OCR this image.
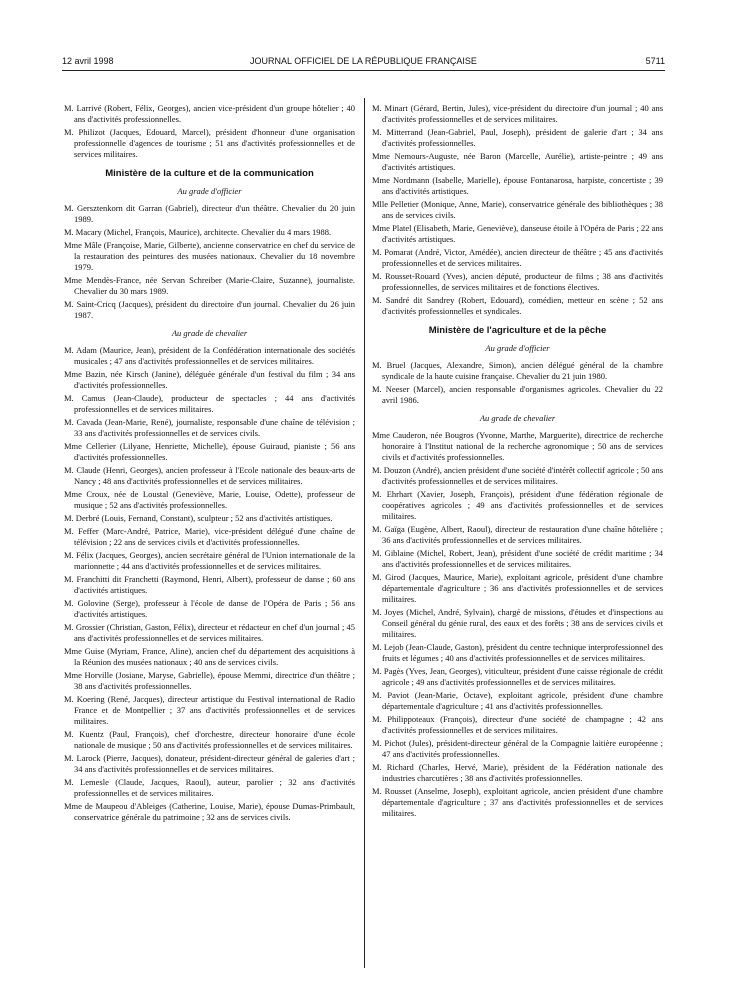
12 avril 1998	JOURNAL OFFICIEL DE LA RÉPUBLIQUE FRANÇAISE	5711
M. Larrivé (Robert, Félix, Georges), ancien vice-président d'un groupe hôtelier ; 40 ans d'activités professionnelles.
M. Philizot (Jacques, Edouard, Marcel), président d'honneur d'une organisation professionnelle d'agences de tourisme ; 51 ans d'activités professionnelles et de services militaires.
Ministère de la culture et de la communication
Au grade d'officier
M. Gersztenkorn dit Garran (Gabriel), directeur d'un théâtre. Chevalier du 20 juin 1989.
M. Macary (Michel, François, Maurice), architecte. Chevalier du 4 mars 1988.
Mme Mâle (Françoise, Marie, Gilberte), ancienne conservatrice en chef du service de la restauration des peintures des musées nationaux. Chevalier du 18 novembre 1979.
Mme Mendès-France, née Servan Schreiber (Marie-Claire, Suzanne), journaliste. Chevalier du 30 mars 1989.
M. Saint-Cricq (Jacques), président du directoire d'un journal. Chevalier du 26 juin 1987.
Au grade de chevalier
M. Adam (Maurice, Jean), président de la Confédération internationale des sociétés musicales ; 47 ans d'activités professionnelles et de services militaires.
Mme Bazin, née Kirsch (Janine), déléguée générale d'un festival du film ; 34 ans d'activités professionnelles.
M. Camus (Jean-Claude), producteur de spectacles ; 44 ans d'activités professionnelles et de services militaires.
M. Cavada (Jean-Marie, René), journaliste, responsable d'une chaîne de télévision ; 33 ans d'activités professionnelles et de services civils.
Mme Cellerier (Lilyane, Henriette, Michelle), épouse Guiraud, pianiste ; 56 ans d'activités professionnelles.
M. Claude (Henri, Georges), ancien professeur à l'Ecole nationale des beaux-arts de Nancy ; 48 ans d'activités professionnelles et de services militaires.
Mme Croux, née de Loustal (Geneviève, Marie, Louise, Odette), professeur de musique ; 52 ans d'activités professionnelles.
M. Derbré (Louis, Fernand, Constant), sculpteur ; 52 ans d'activités artistiques.
M. Feffer (Marc-André, Patrice, Marie), vice-président délégué d'une chaîne de télévision ; 22 ans de services civils et d'activités professionnelles.
M. Félix (Jacques, Georges), ancien secrétaire général de l'Union internationale de la marionnette ; 44 ans d'activités professionnelles et de services militaires.
M. Franchitti dit Franchetti (Raymond, Henri, Albert), professeur de danse ; 60 ans d'activités artistiques.
M. Golovine (Serge), professeur à l'école de danse de l'Opéra de Paris ; 56 ans d'activités artistiques.
M. Grossier (Christian, Gaston, Félix), directeur et rédacteur en chef d'un journal ; 45 ans d'activités professionnelles et de services militaires.
Mme Guise (Myriam, France, Aline), ancien chef du département des acquisitions à la Réunion des musées nationaux ; 40 ans de services civils.
Mme Horville (Josiane, Maryse, Gabrielle), épouse Memmi, directrice d'un théâtre ; 38 ans d'activités professionnelles.
M. Koering (René, Jacques), directeur artistique du Festival international de Radio France et de Montpellier ; 37 ans d'activités professionnelles et de services militaires.
M. Kuentz (Paul, François), chef d'orchestre, directeur honoraire d'une école nationale de musique ; 50 ans d'activités professionnelles et de services militaires.
M. Larock (Pierre, Jacques), donateur, président-directeur général de galeries d'art ; 34 ans d'activités professionnelles et de services militaires.
M. Lemesle (Claude, Jacques, Raoul), auteur, parolier ; 32 ans d'activités professionnelles et de services militaires.
Mme de Maupeou d'Ableiges (Catherine, Louise, Marie), épouse Dumas-Primbault, conservatrice générale du patrimoine ; 32 ans de services civils.
M. Minart (Gérard, Bertin, Jules), vice-président du directoire d'un journal ; 40 ans d'activités professionnelles et de services militaires.
M. Mitterrand (Jean-Gabriel, Paul, Joseph), président de galerie d'art ; 34 ans d'activités professionnelles.
Mme Nemours-Auguste, née Baron (Marcelle, Aurélie), artiste-peintre ; 49 ans d'activités artistiques.
Mme Nordmann (Isabelle, Marielle), épouse Fontanarosa, harpiste, concertiste ; 39 ans d'activités artistiques.
Mlle Pelletier (Monique, Anne, Marie), conservatrice générale des bibliothèques ; 38 ans de services civils.
Mme Platel (Elisabeth, Marie, Geneviève), danseuse étoile à l'Opéra de Paris ; 22 ans d'activités artistiques.
M. Pomarat (André, Victor, Amédée), ancien directeur de théâtre ; 45 ans d'activités professionnelles et de services militaires.
M. Rousset-Rouard (Yves), ancien député, producteur de films ; 38 ans d'activités professionnelles, de services militaires et de fonctions électives.
M. Sandré dit Sandrey (Robert, Edouard), comédien, metteur en scène ; 52 ans d'activités professionnelles et syndicales.
Ministère de l'agriculture et de la pêche
Au grade d'officier
M. Bruel (Jacques, Alexandre, Simon), ancien délégué général de la chambre syndicale de la haute cuisine française. Chevalier du 21 juin 1980.
M. Neeser (Marcel), ancien responsable d'organismes agricoles. Chevalier du 22 avril 1986.
Au grade de chevalier
Mme Cauderon, née Bougros (Yvonne, Marthe, Marguerite), directrice de recherche honoraire à l'Institut national de la recherche agronomique ; 50 ans de services civils et d'activités professionnelles.
M. Douzon (André), ancien président d'une société d'intérêt collectif agricole ; 50 ans d'activités professionnelles et de services militaires.
M. Ehrhart (Xavier, Joseph, François), président d'une fédération régionale de coopératives agricoles ; 49 ans d'activités professionnelles et de services militaires.
M. Gaïga (Eugène, Albert, Raoul), directeur de restauration d'une chaîne hôtelière ; 36 ans d'activités professionnelles et de services militaires.
M. Giblaine (Michel, Robert, Jean), président d'une société de crédit maritime ; 34 ans d'activités professionnelles et de services militaires.
M. Girod (Jacques, Maurice, Marie), exploitant agricole, président d'une chambre départementale d'agriculture ; 36 ans d'activités professionnelles et de services militaires.
M. Joyes (Michel, André, Sylvain), chargé de missions, d'études et d'inspections au Conseil général du génie rural, des eaux et des forêts ; 38 ans de services civils et militaires.
M. Lejob (Jean-Claude, Gaston), président du centre technique interprofessionnel des fruits et légumes ; 40 ans d'activités professionnelles et de services militaires.
M. Pagès (Yves, Jean, Georges), viticulteur, président d'une caisse régionale de crédit agricole ; 49 ans d'activités professionnelles et de services militaires.
M. Paviot (Jean-Marie, Octave), exploitant agricole, président d'une chambre départementale d'agriculture ; 41 ans d'activités professionnelles.
M. Philippoteaux (François), directeur d'une société de champagne ; 42 ans d'activités professionnelles et de services militaires.
M. Pichot (Jules), président-directeur général de la Compagnie laitière européenne ; 47 ans d'activités professionnelles.
M. Richard (Charles, Hervé, Marie), président de la Fédération nationale des industries charcutières ; 38 ans d'activités professionnelles.
M. Rousset (Anselme, Joseph), exploitant agricole, ancien président d'une chambre départementale d'agriculture ; 37 ans d'activités professionnelles et de services militaires.
